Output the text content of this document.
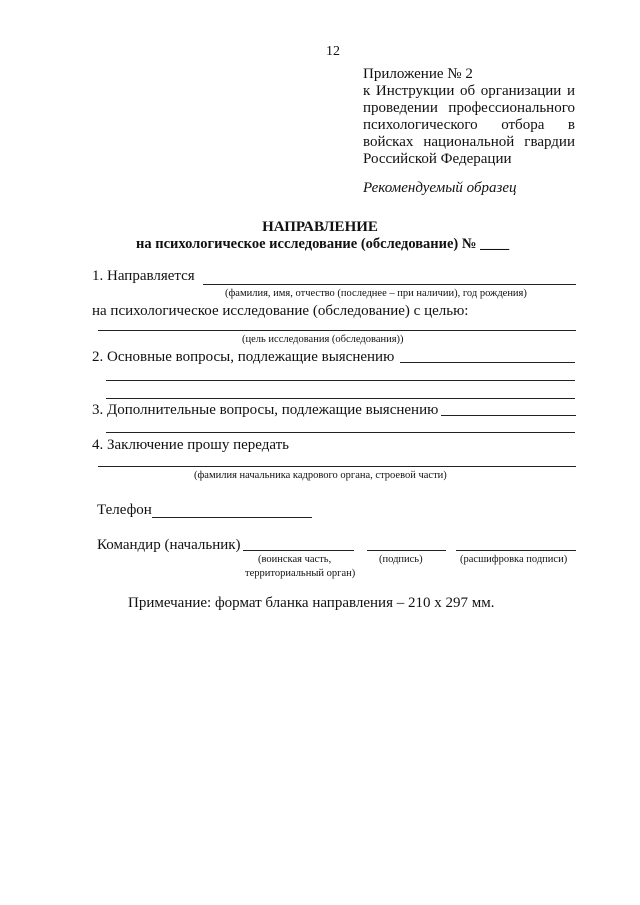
12
Приложение № 2
к Инструкции об организации и
проведении профессионального
психологического отбора в
войсках национальной гвардии
Российской Федерации
Рекомендуемый образец
НАПРАВЛЕНИЕ
на психологическое исследование (обследование) № ____
1. Направляется
(фамилия, имя, отчество (последнее – при наличии), год рождения)
на психологическое исследование (обследование) с целью:
(цель исследования (обследования))
2. Основные вопросы, подлежащие выяснению
3. Дополнительные вопросы, подлежащие выяснению
4. Заключение прошу передать
(фамилия начальника кадрового органа, строевой части)
Телефон
Командир (начальник)
(воинская часть,
территориальный орган)
(подпись)	(расшифровка подписи)
Примечание: формат бланка направления – 210 х 297 мм.
